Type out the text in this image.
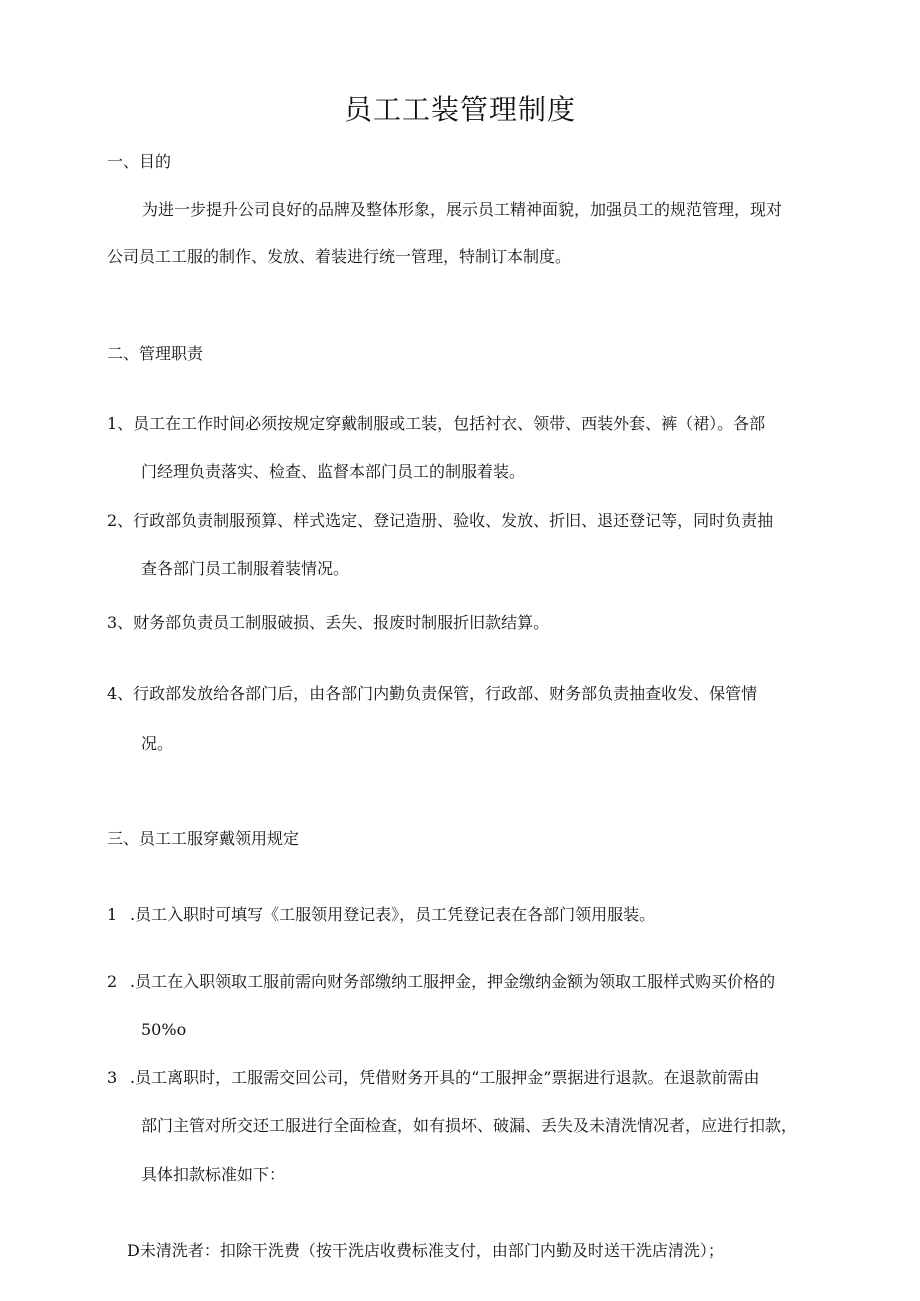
员工工装管理制度
一、目的
为进一步提升公司良好的品牌及整体形象，展示员工精神面貌，加强员工的规范管理，现对
公司员工工服的制作、发放、着装进行统一管理，特制订本制度。
二、管理职责
1、员工在工作时间必须按规定穿戴制服或工装，包括衬衣、领带、西装外套、裤（裙）。各部
门经理负责落实、检查、监督本部门员工的制服着装。
2、行政部负责制服预算、样式选定、登记造册、验收、发放、折旧、退还登记等，同时负责抽
查各部门员工制服着装情况。
3、财务部负责员工制服破损、丢失、报废时制服折旧款结算。
4、行政部发放给各部门后，由各部门内勤负责保管，行政部、财务部负责抽查收发、保管情
况。
三、员工工服穿戴领用规定
1 .员工入职时可填写《工服领用登记表》，员工凭登记表在各部门领用服装。
2 .员工在入职领取工服前需向财务部缴纳工服押金，押金缴纳金额为领取工服样式购买价格的
50%o
3 .员工离职时，工服需交回公司，凭借财务开具的“工服押金”票据进行退款。在退款前需由
部门主管对所交还工服进行全面检查，如有损坏、破漏、丢失及未清洗情况者，应进行扣款，
具体扣款标准如下：
D未清洗者：扣除干洗费（按干洗店收费标准支付，由部门内勤及时送干洗店清洗）；
